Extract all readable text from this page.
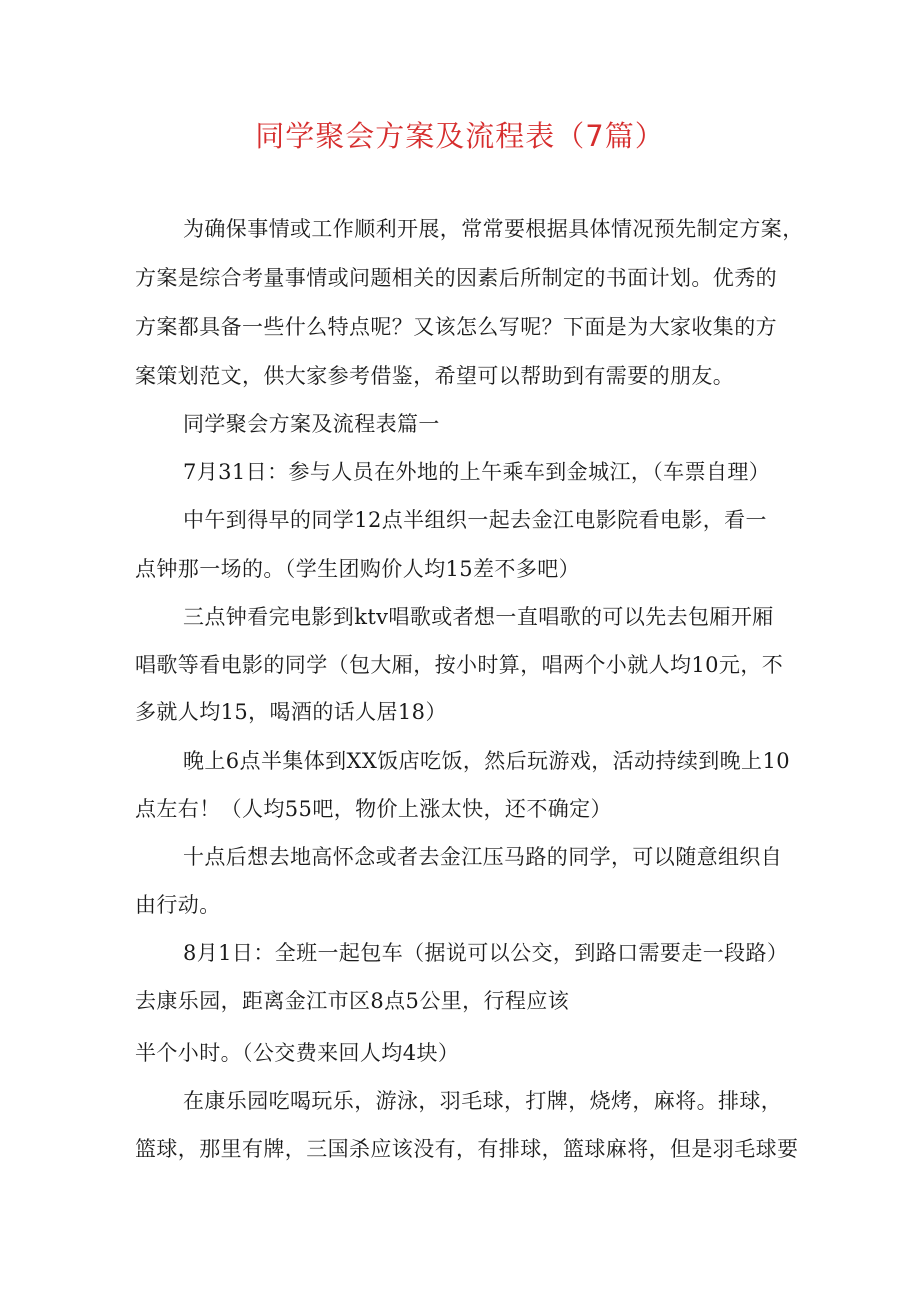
同学聚会方案及流程表（7篇）
为确保事情或工作顺利开展，常常要根据具体情况预先制定方案，
方案是综合考量事情或问题相关的因素后所制定的书面计划。优秀的
方案都具备一些什么特点呢？又该怎么写呢？下面是为大家收集的方
案策划范文，供大家参考借鉴，希望可以帮助到有需要的朋友。
同学聚会方案及流程表篇一
7月31日：参与人员在外地的上午乘车到金城江，（车票自理）
中午到得早的同学12点半组织一起去金江电影院看电影，看一
点钟那一场的。（学生团购价人均15差不多吧）
三点钟看完电影到ktv唱歌或者想一直唱歌的可以先去包厢开厢
唱歌等看电影的同学（包大厢，按小时算，唱两个小就人均10元，不
多就人均15，喝酒的话人居18）
晚上6点半集体到XX饭店吃饭，然后玩游戏，活动持续到晚上10
点左右！（人均55吧，物价上涨太快，还不确定）
十点后想去地高怀念或者去金江压马路的同学，可以随意组织自
由行动。
8月1日：全班一起包车（据说可以公交，到路口需要走一段路）
去康乐园，距离金江市区8点5公里，行程应该
半个小时。（公交费来回人均4块）
在康乐园吃喝玩乐，游泳，羽毛球，打牌，烧烤，麻将。排球，
篮球，那里有牌，三国杀应该没有，有排球，篮球麻将，但是羽毛球要
